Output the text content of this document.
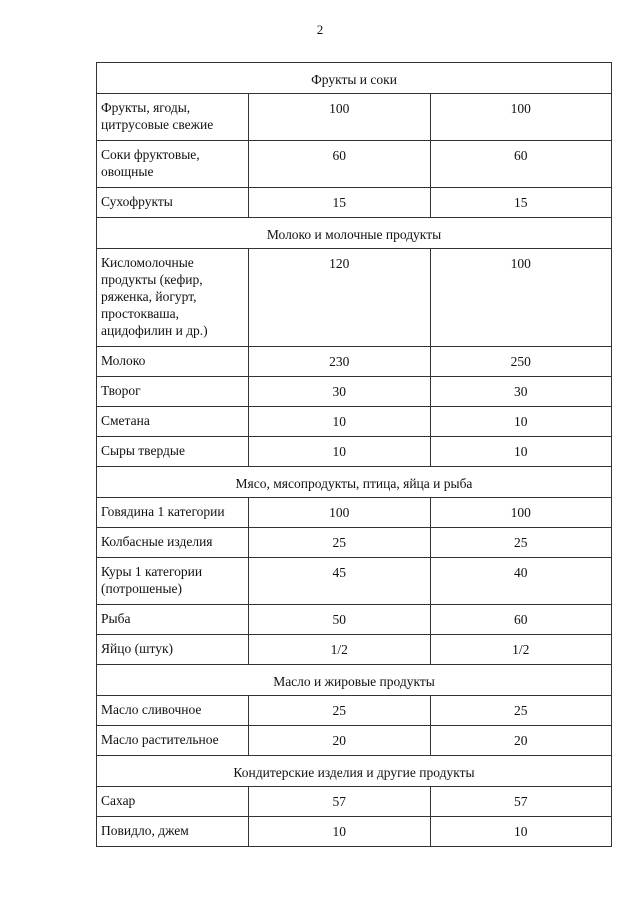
2
Фрукты и соки		
Фрукты, ягоды, цитрусовые свежие	100	100
Соки фруктовые, овощные	60	60
Сухофрукты	15	15
Молоко и молочные продукты		
Кисломолочные продукты (кефир, ряженка, йогурт, простокваша, ацидофилин и др.)	120	100
Молоко	230	250
Творог	30	30
Сметана	10	10
Сыры твердые	10	10
Мясо, мясопродукты, птица, яйца и рыба		
Говядина 1 категории	100	100
Колбасные изделия	25	25
Куры 1 категории (потрошеные)	45	40
Рыба	50	60
Яйцо (штук)	1/2	1/2
Масло и жировые продукты		
Масло сливочное	25	25
Масло растительное	20	20
Кондитерские изделия и другие продукты		
Сахар	57	57
Повидло, джем	10	10
